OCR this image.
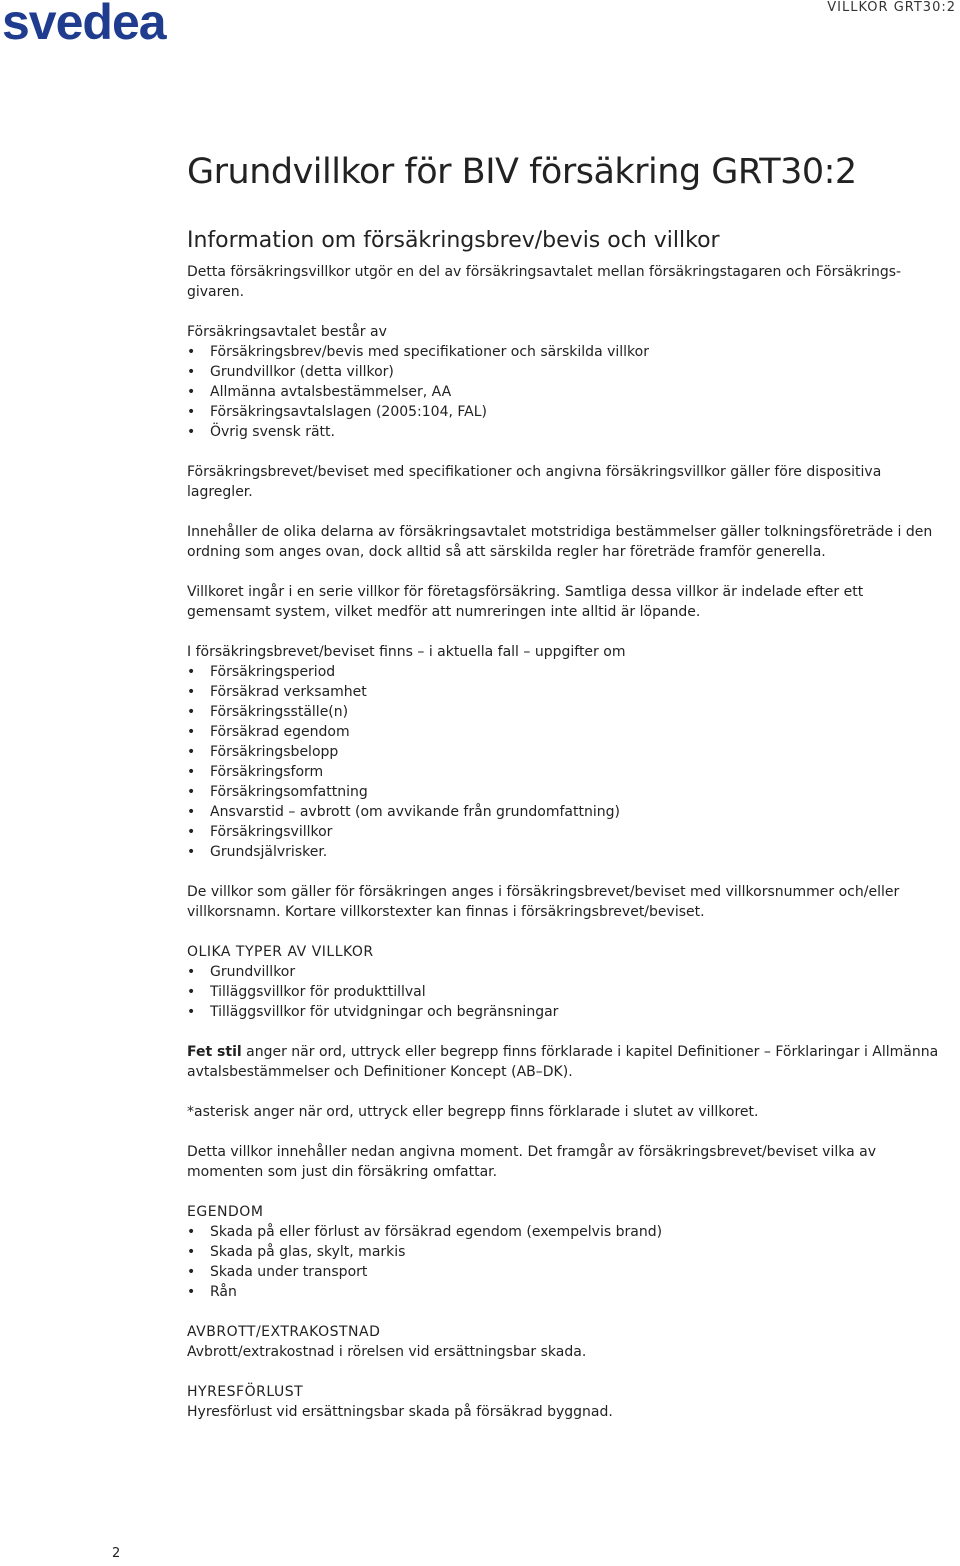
svedea	VILLKOR GRT30:2
Grundvillkor för BIV försäkring GRT30:2
Information om försäkringsbrev/bevis och villkor

Detta försäkringsvillkor utgör en del av försäkringsavtalet mellan försäkringstagaren och Försäkrings-givaren.

Försäkringsavtalet består av

• Försäkringsbrev/bevis med specifikationer och särskilda villkor
• Grundvillkor (detta villkor)
• Allmänna avtalsbestämmelser, AA
• Försäkringsavtalslagen (2005:104, FAL)
• Övrig svensk rätt.

Försäkringsbrevet/beviset med specifikationer och angivna försäkringsvillkor gäller före dispositiva lagregler.

Innehåller de olika delarna av försäkringsavtalet motstridiga bestämmelser gäller tolkningsföreträde i den ordning som anges ovan, dock alltid så att särskilda regler har företräde framför generella.

Villkoret ingår i en serie villkor för företagsförsäkring. Samtliga dessa villkor är indelade efter ett gemensamt system, vilket medför att numreringen inte alltid är löpande.

I försäkringsbrevet/beviset finns – i aktuella fall – uppgifter om

• Försäkringsperiod
• Försäkrad verksamhet
• Försäkringsställe(n)
• Försäkrad egendom
• Försäkringsbelopp
• Försäkringsform
• Försäkringsomfattning
• Ansvarstid – avbrott (om avvikande från grundomfattning)
• Försäkringsvillkor
• Grundsjälvrisker.

De villkor som gäller för försäkringen anges i försäkringsbrevet/beviset med villkorsnummer och/eller villkorsnamn. Kortare villkorstexter kan finnas i försäkringsbrevet/beviset.

OLIKA TYPER AV VILLKOR

• Grundvillkor
• Tilläggsvillkor för produkttillval
• Tilläggsvillkor för utvidgningar och begränsningar

Fet stil anger när ord, uttryck eller begrepp finns förklarade i kapitel Definitioner – Förklaringar i Allmänna avtalsbestämmelser och Definitioner Koncept (AB–DK).

*asterisk anger när ord, uttryck eller begrepp finns förklarade i slutet av villkoret.

Detta villkor innehåller nedan angivna moment. Det framgår av försäkringsbrevet/beviset vilka av momenten som just din försäkring omfattar.

EGENDOM

• Skada på eller förlust av försäkrad egendom (exempelvis brand)
• Skada på glas, skylt, markis
• Skada under transport
• Rån

AVBROTT/EXTRAKOSTNAD

Avbrott/extrakostnad i rörelsen vid ersättningsbar skada.

HYRESFÖRLUST

Hyresförlust vid ersättningsbar skada på försäkrad byggnad.

2
